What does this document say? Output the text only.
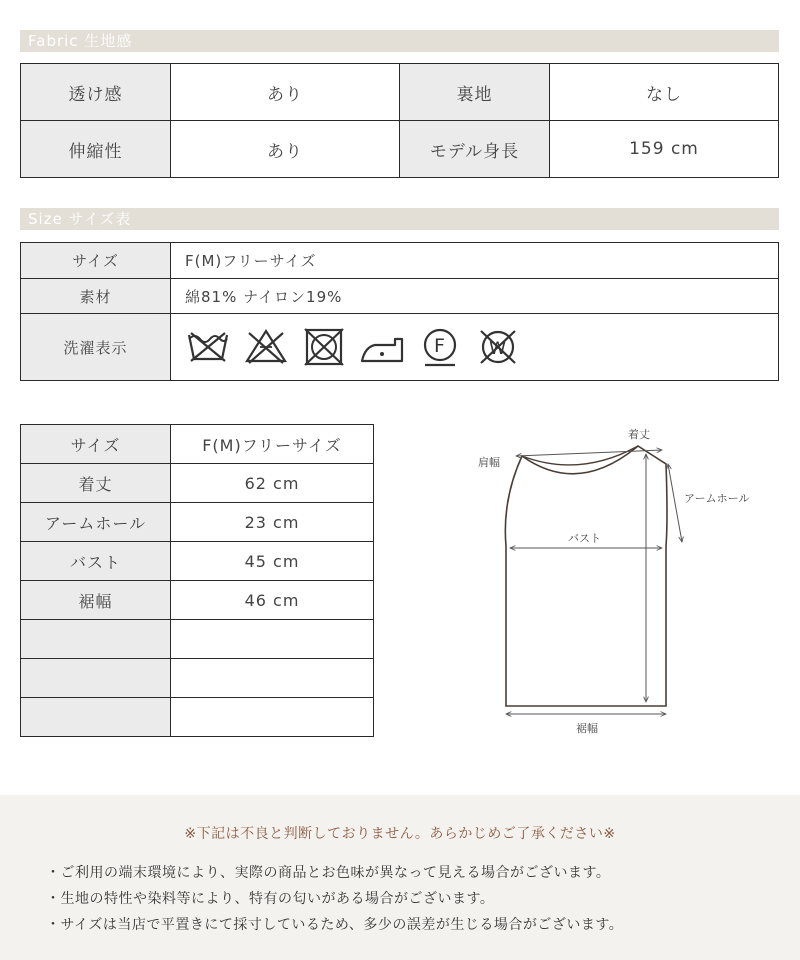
Fabric 生地感
透け感	あり	裏地	なし
伸縮性	あり	モデル身長	159 cm
Size サイズ表
サイズ	F(M)フリーサイズ
素材	綿81% ナイロン19%
洗濯表示	F W
サイズ	F(M)フリーサイズ
着丈	62 cm
アームホール	23 cm
バスト	45 cm
裾幅	46 cm

着丈
肩幅
アームホール
バスト
裾幅
※下記は不良と判断しておりません。あらかじめご了承ください※
・ご利用の端末環境により、実際の商品とお色味が異なって見える場合がございます。
・生地の特性や染料等により、特有の匂いがある場合がございます。
・サイズは当店で平置きにて採寸しているため、多少の誤差が生じる場合がございます。
